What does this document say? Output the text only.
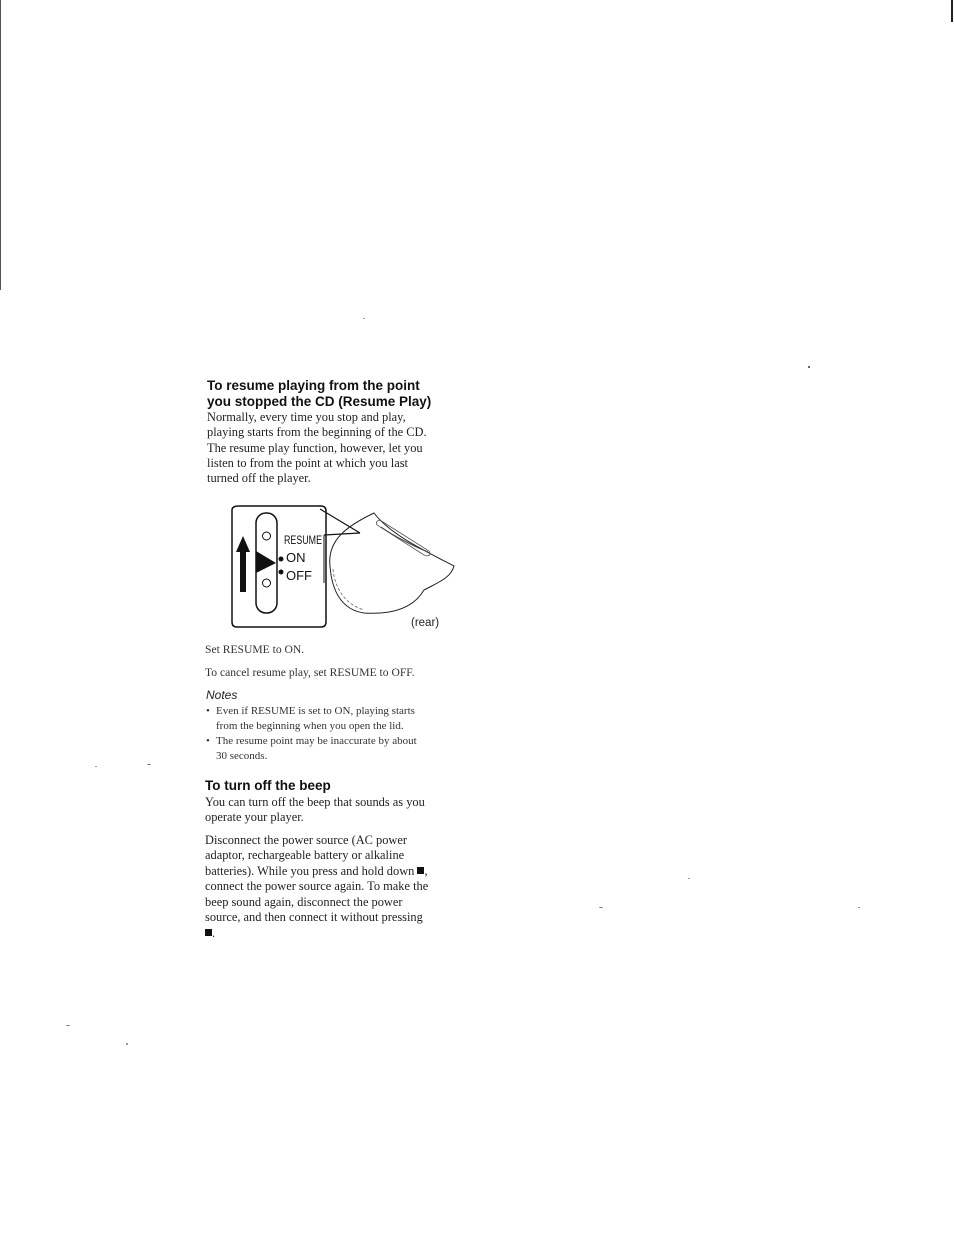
To resume playing from the point
you stopped the CD (Resume Play)

Normally, every time you stop and play,

playing starts from the beginning of the CD.

The resume play function, however, let you

listen to from the point at which you last

turned off the player.

RESUME
ON
OFF
(rear)

Set RESUME to ON.

To cancel resume play, set RESUME to OFF.

Notes

• Even if RESUME is set to ON, playing starts
from the beginning when you open the lid.
• The resume point may be inaccurate by about
30 seconds.
To turn off the beep

You can turn off the beep that sounds as you

operate your player.

Disconnect the power source (AC power

adaptor, rechargeable battery or alkaline

batteries). While you press and hold down ,

connect the power source again. To make the

beep sound again, disconnect the power

source, and then connect it without pressing

.
